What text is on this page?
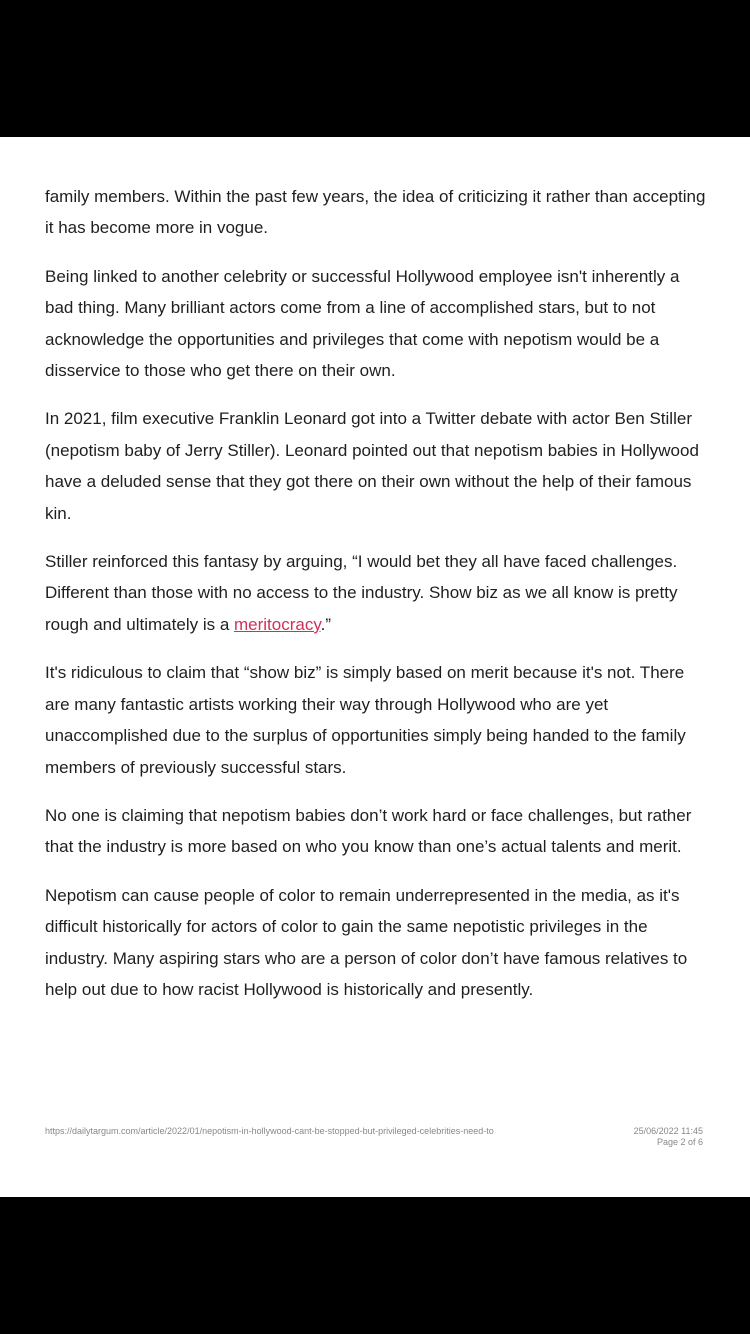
family members. Within the past few years, the idea of criticizing it rather than accepting it has become more in vogue.

Being linked to another celebrity or successful Hollywood employee isn't inherently a bad thing. Many brilliant actors come from a line of accomplished stars, but to not acknowledge the opportunities and privileges that come with nepotism would be a disservice to those who get there on their own.

In 2021, film executive Franklin Leonard got into a Twitter debate with actor Ben Stiller (nepotism baby of Jerry Stiller). Leonard pointed out that nepotism babies in Hollywood have a deluded sense that they got there on their own without the help of their famous kin.

Stiller reinforced this fantasy by arguing, “I would bet they all have faced challenges. Different than those with no access to the industry. Show biz as we all know is pretty rough and ultimately is a meritocracy.”

It's ridiculous to claim that “show biz” is simply based on merit because it's not. There are many fantastic artists working their way through Hollywood who are yet unaccomplished due to the surplus of opportunities simply being handed to the family members of previously successful stars.

No one is claiming that nepotism babies don’t work hard or face challenges, but rather that the industry is more based on who you know than one’s actual talents and merit.

Nepotism can cause people of color to remain underrepresented in the media, as it's difficult historically for actors of color to gain the same nepotistic privileges in the industry. Many aspiring stars who are a person of color don’t have famous relatives to help out due to how racist Hollywood is historically and presently.

https://dailytargum.com/article/2022/01/nepotism-in-hollywood-cant-be-stopped-but-privileged-celebrities-need-to	25/06/2022 11:45
Page 2 of 6
